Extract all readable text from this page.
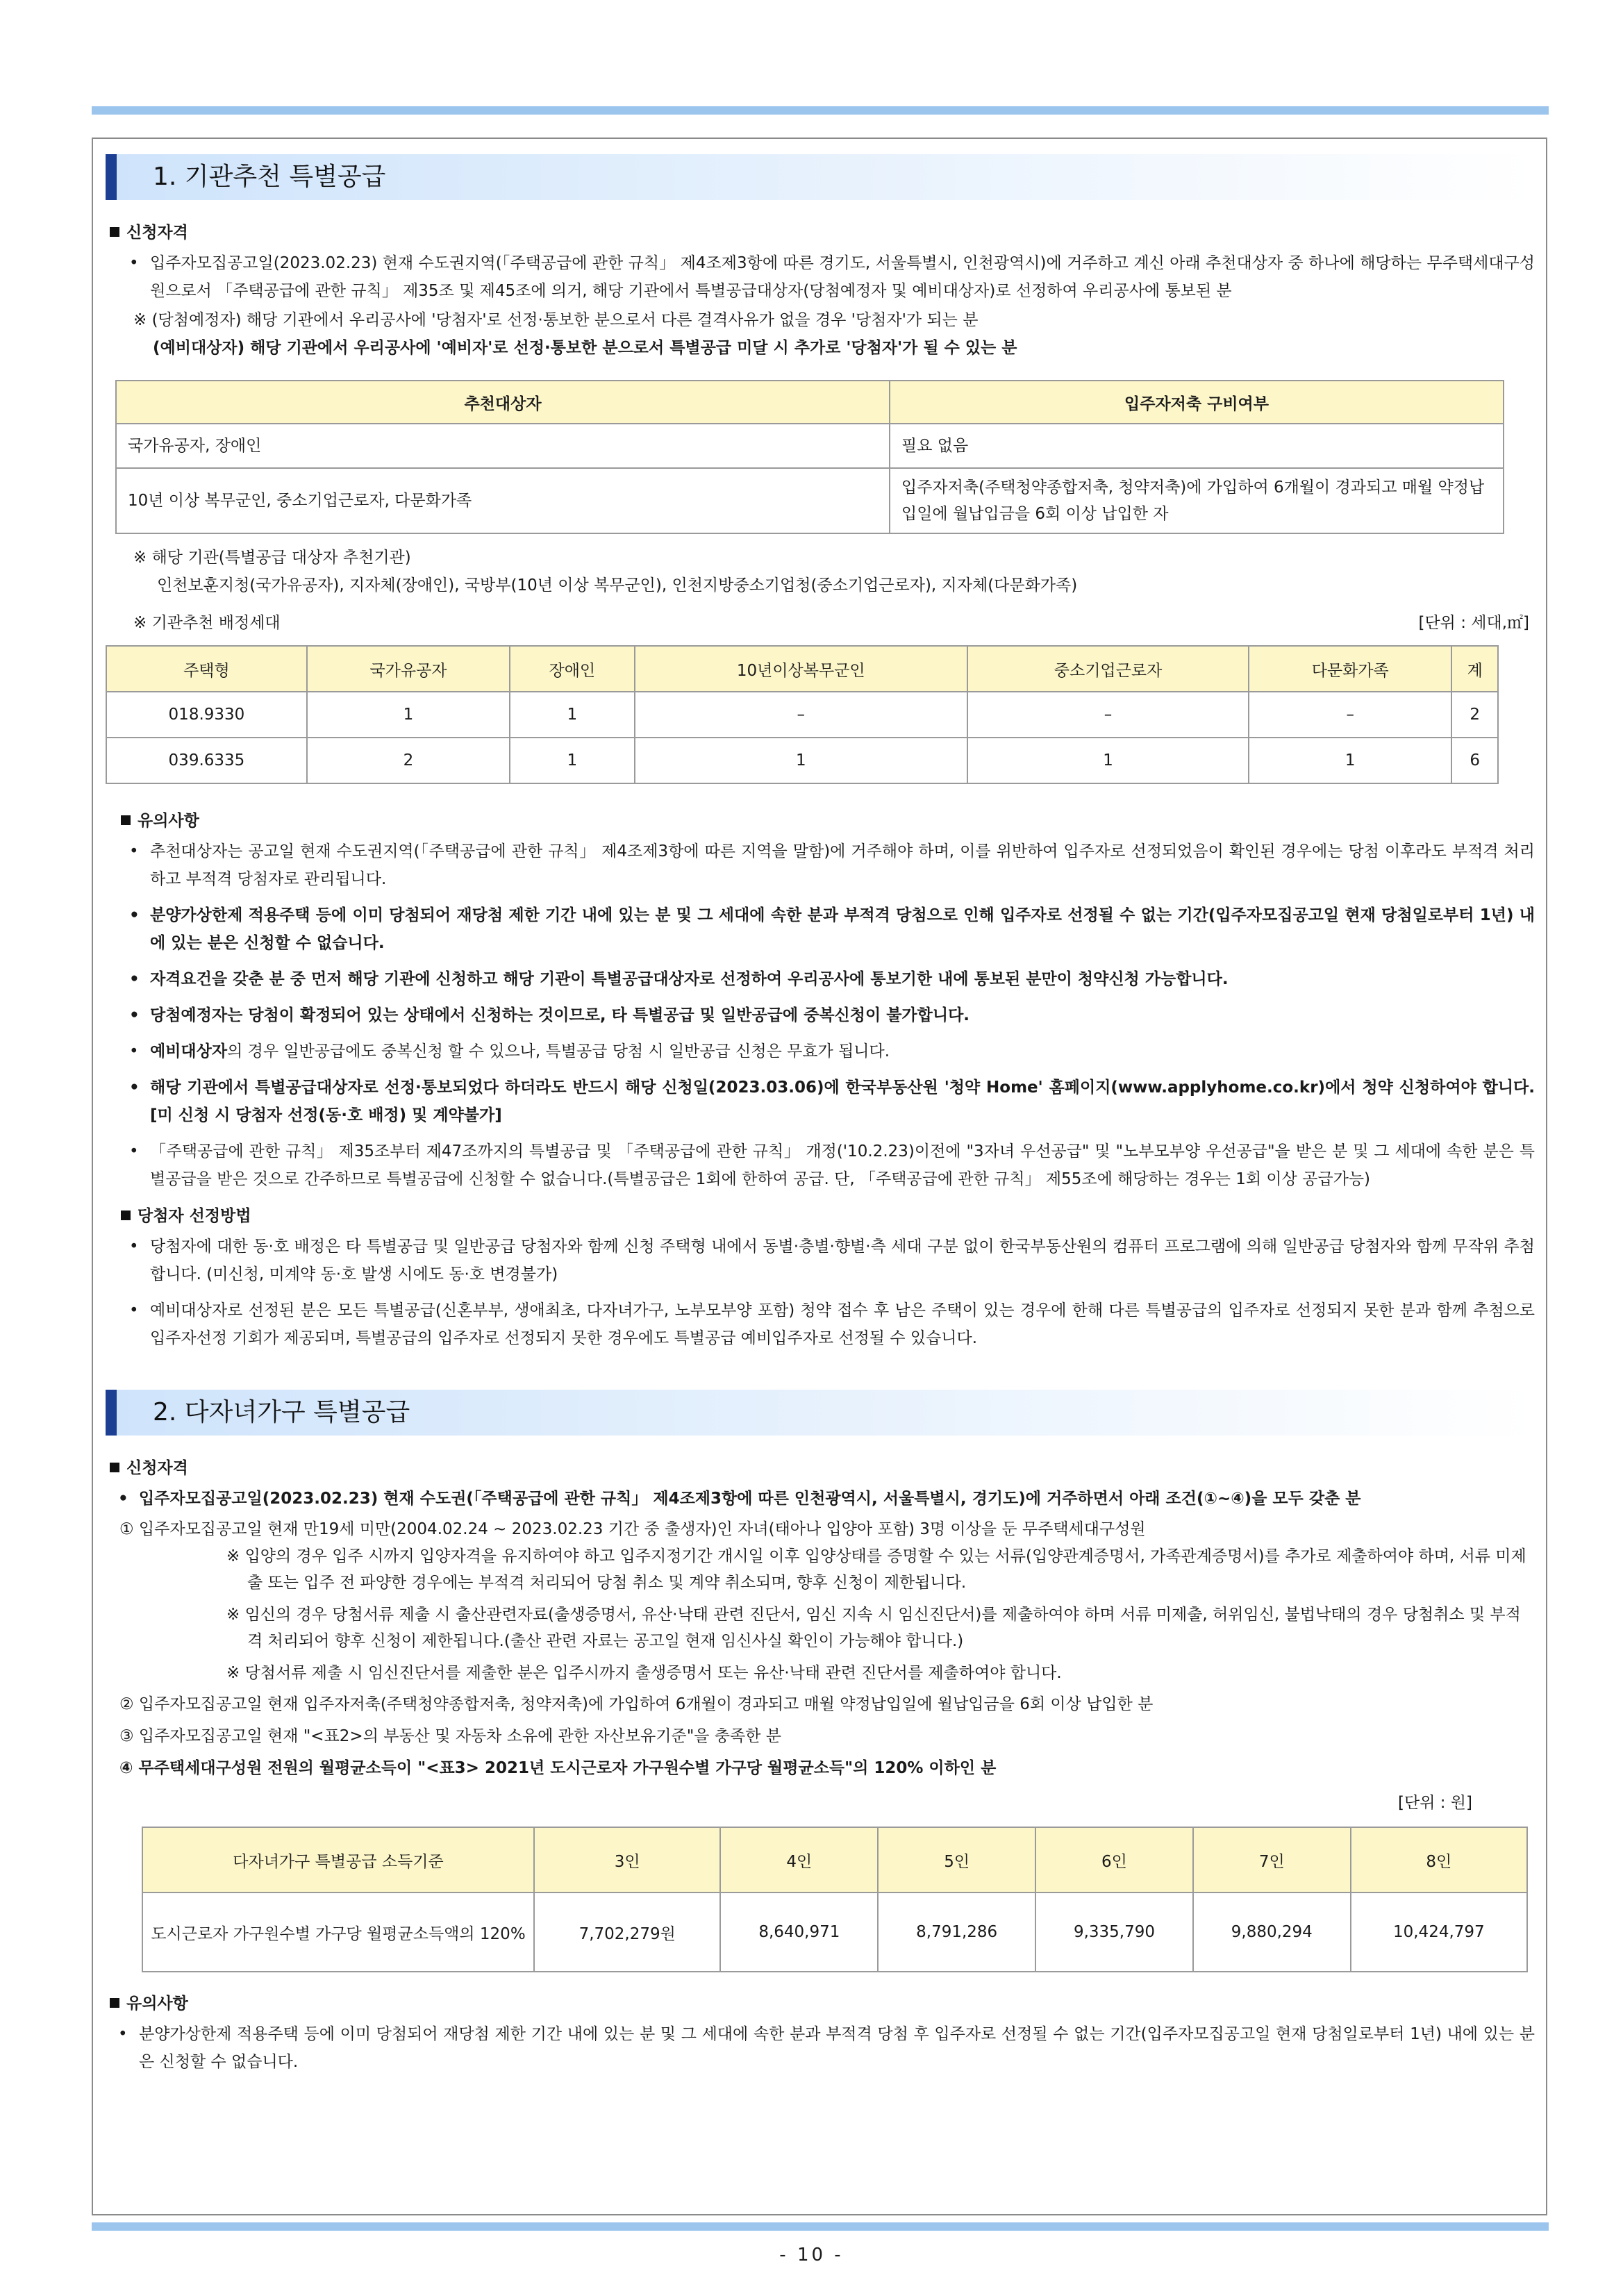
1. 기관추천 특별공급
신청자격
• 입주자모집공고일(2023.02.23) 현재 수도권지역(「주택공급에 관한 규칙」 제4조제3항에 따른 경기도, 서울특별시, 인천광역시)에 거주하고 계신 아래 추천대상자 중 하나에 해당하는 무주택세대구성원으로서 「주택공급에 관한 규칙」 제35조 및 제45조에 의거, 해당 기관에서 특별공급대상자(당첨예정자 및 예비대상자)로 선정하여 우리공사에 통보된 분
※ (당첨예정자) 해당 기관에서 우리공사에 '당첨자'로 선정·통보한 분으로서 다른 결격사유가 없을 경우 '당첨자'가 되는 분
(예비대상자) 해당 기관에서 우리공사에 '예비자'로 선정·통보한 분으로서 특별공급 미달 시 추가로 '당첨자'가 될 수 있는 분
추천대상자	입주자저축 구비여부
국가유공자, 장애인	필요 없음
10년 이상 복무군인, 중소기업근로자, 다문화가족	입주자저축(주택청약종합저축, 청약저축)에 가입하여 6개월이 경과되고 매월 약정납입일에 월납입금을 6회 이상 납입한 자
※ 해당 기관(특별공급 대상자 추천기관)
인천보훈지청(국가유공자), 지자체(장애인), 국방부(10년 이상 복무군인), 인천지방중소기업청(중소기업근로자), 지자체(다문화가족)
※ 기관추천 배정세대	[단위 : 세대,㎡]
주택형	국가유공자	장애인	10년이상복무군인	중소기업근로자	다문화가족	계
018.9330	1	1	–	–	–	2
039.6335	2	1	1	1	1	6
유의사항
• 추천대상자는 공고일 현재 수도권지역(「주택공급에 관한 규칙」 제4조제3항에 따른 지역을 말함)에 거주해야 하며, 이를 위반하여 입주자로 선정되었음이 확인된 경우에는 당첨 이후라도 부적격 처리하고 부적격 당첨자로 관리됩니다.
• 분양가상한제 적용주택 등에 이미 당첨되어 재당첨 제한 기간 내에 있는 분 및 그 세대에 속한 분과 부적격 당첨으로 인해 입주자로 선정될 수 없는 기간(입주자모집공고일 현재 당첨일로부터 1년) 내에 있는 분은 신청할 수 없습니다.
• 자격요건을 갖춘 분 중 먼저 해당 기관에 신청하고 해당 기관이 특별공급대상자로 선정하여 우리공사에 통보기한 내에 통보된 분만이 청약신청 가능합니다.
• 당첨예정자는 당첨이 확정되어 있는 상태에서 신청하는 것이므로, 타 특별공급 및 일반공급에 중복신청이 불가합니다.
• 예비대상자의 경우 일반공급에도 중복신청 할 수 있으나, 특별공급 당첨 시 일반공급 신청은 무효가 됩니다.
• 해당 기관에서 특별공급대상자로 선정·통보되었다 하더라도 반드시 해당 신청일(2023.03.06)에 한국부동산원 '청약 Home' 홈페이지(www.applyhome.co.kr)에서 청약 신청하여야 합니다. [미 신청 시 당첨자 선정(동·호 배정) 및 계약불가]
• 「주택공급에 관한 규칙」 제35조부터 제47조까지의 특별공급 및 「주택공급에 관한 규칙」 개정('10.2.23)이전에 "3자녀 우선공급" 및 "노부모부양 우선공급"을 받은 분 및 그 세대에 속한 분은 특별공급을 받은 것으로 간주하므로 특별공급에 신청할 수 없습니다.(특별공급은 1회에 한하여 공급. 단, 「주택공급에 관한 규칙」 제55조에 해당하는 경우는 1회 이상 공급가능)
당첨자 선정방법
• 당첨자에 대한 동·호 배정은 타 특별공급 및 일반공급 당첨자와 함께 신청 주택형 내에서 동별·층별·향별·측 세대 구분 없이 한국부동산원의 컴퓨터 프로그램에 의해 일반공급 당첨자와 함께 무작위 추첨합니다. (미신청, 미계약 동·호 발생 시에도 동·호 변경불가)
• 예비대상자로 선정된 분은 모든 특별공급(신혼부부, 생애최초, 다자녀가구, 노부모부양 포함) 청약 접수 후 남은 주택이 있는 경우에 한해 다른 특별공급의 입주자로 선정되지 못한 분과 함께 추첨으로 입주자선정 기회가 제공되며, 특별공급의 입주자로 선정되지 못한 경우에도 특별공급 예비입주자로 선정될 수 있습니다.
2. 다자녀가구 특별공급
신청자격
• 입주자모집공고일(2023.02.23) 현재 수도권(「주택공급에 관한 규칙」 제4조제3항에 따른 인천광역시, 서울특별시, 경기도)에 거주하면서 아래 조건(①~④)을 모두 갖춘 분
① 입주자모집공고일 현재 만19세 미만(2004.02.24 ~ 2023.02.23 기간 중 출생자)인 자녀(태아나 입양아 포함) 3명 이상을 둔 무주택세대구성원
※ 입양의 경우 입주 시까지 입양자격을 유지하여야 하고 입주지정기간 개시일 이후 입양상태를 증명할 수 있는 서류(입양관계증명서, 가족관계증명서)를 추가로 제출하여야 하며, 서류 미제출 또는 입주 전 파양한 경우에는 부적격 처리되어 당첨 취소 및 계약 취소되며, 향후 신청이 제한됩니다.
※ 임신의 경우 당첨서류 제출 시 출산관련자료(출생증명서, 유산·낙태 관련 진단서, 임신 지속 시 임신진단서)를 제출하여야 하며 서류 미제출, 허위임신, 불법낙태의 경우 당첨취소 및 부적격 처리되어 향후 신청이 제한됩니다.(출산 관련 자료는 공고일 현재 임신사실 확인이 가능해야 합니다.)
※ 당첨서류 제출 시 임신진단서를 제출한 분은 입주시까지 출생증명서 또는 유산·낙태 관련 진단서를 제출하여야 합니다.
② 입주자모집공고일 현재 입주자저축(주택청약종합저축, 청약저축)에 가입하여 6개월이 경과되고 매월 약정납입일에 월납입금을 6회 이상 납입한 분
③ 입주자모집공고일 현재 "<표2>의 부동산 및 자동차 소유에 관한 자산보유기준"을 충족한 분
④ 무주택세대구성원 전원의 월평균소득이 "<표3> 2021년 도시근로자 가구원수별 가구당 월평균소득"의 120% 이하인 분
[단위 : 원]
다자녀가구 특별공급 소득기준	3인	4인	5인	6인	7인	8인
도시근로자 가구원수별 가구당 월평균소득액의 120%	7,702,279원	8,640,971	8,791,286	9,335,790	9,880,294	10,424,797
유의사항
• 분양가상한제 적용주택 등에 이미 당첨되어 재당첨 제한 기간 내에 있는 분 및 그 세대에 속한 분과 부적격 당첨 후 입주자로 선정될 수 없는 기간(입주자모집공고일 현재 당첨일로부터 1년) 내에 있는 분은 신청할 수 없습니다.
- 10 -
